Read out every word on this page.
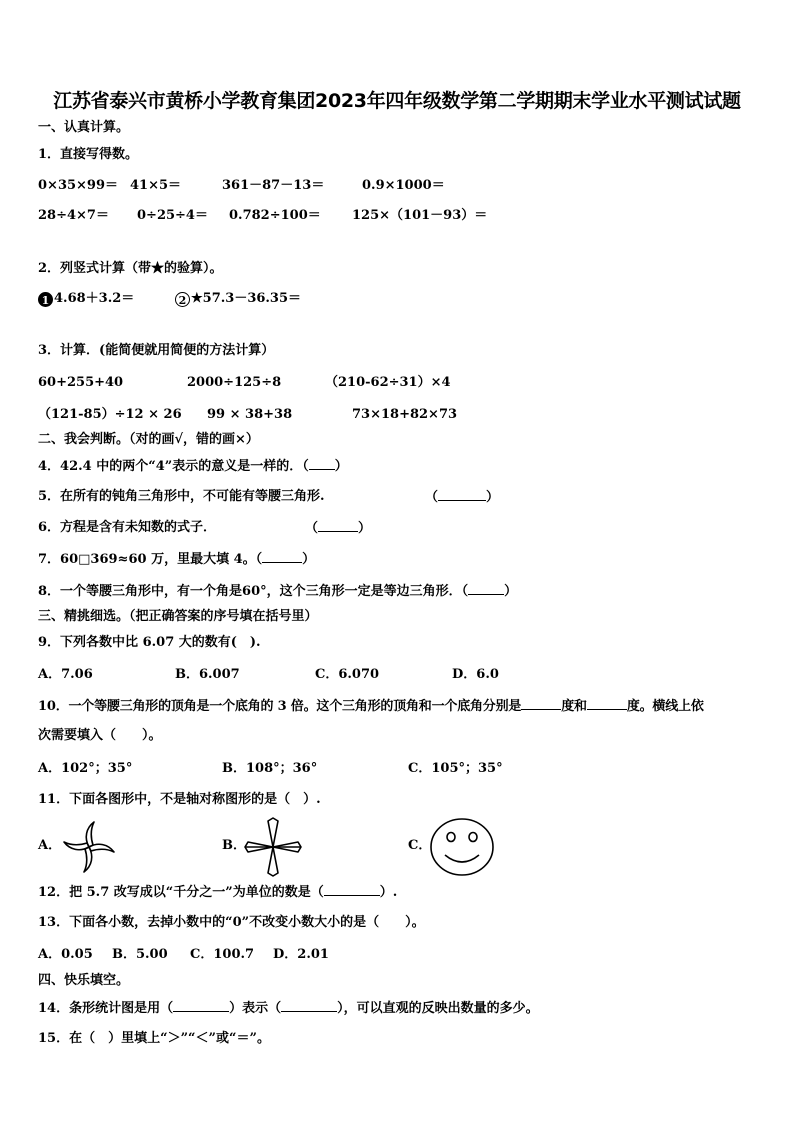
江苏省泰兴市黄桥小学教育集团2023年四年级数学第二学期期末学业水平测试试题
一、认真计算。
1．直接写得数。
0×35×99＝ 41×5＝	361－87－13＝	0.9×1000＝
28÷4×7＝ 0÷25÷4＝ 0.782÷100＝ 125×（101－93）＝
2．列竖式计算（带★的验算）。
1 4.68＋3.2＝	2 ★57.3－36.35＝
3．计算．(能简便就用简便的方法计算）
60+255+40	2000÷125÷8	（210-62÷31）×4
（121-85）÷12 × 26 99 × 38+38	73×18+82×73
二、我会判断。（对的画√，错的画×）
4．42.4 中的两个“4”表示的意义是一样的．（ ）
5．在所有的钝角三角形中，不可能有等腰三角形.	（	）
6．方程是含有未知数的式子．	（	）
7．60□369≈60 万，里最大填 4。（	）
8．一个等腰三角形中，有一个角是60°，这个三角形一定是等边三角形．（	）
三、精挑细选。（把正确答案的序号填在括号里）
9．下列各数中比 6.07 大的数有(　).
A．7.06	B．6.007	C．6.070	D．6.0
10．一个等腰三角形的顶角是一个底角的 3 倍。这个三角形的顶角和一个底角分别是	度和	度。横线上依
次需要填入（　　）。
A．102°；35°	B．108°；36°	C．105°；35°
11．下面各图形中，不是轴对称图形的是（　）.
A．	B．	C．
12．把 5.7 改写成以“千分之一”为单位的数是（	）.
13．下面各小数，去掉小数中的“0”不改变小数大小的是（　　）。
A．0.05 B．5.00 C．100.7 D．2.01
四、快乐填空。
14．条形统计图是用（	）表示（	），可以直观的反映出数量的多少。
15．在（　）里填上“＞”“＜”或“＝”。
